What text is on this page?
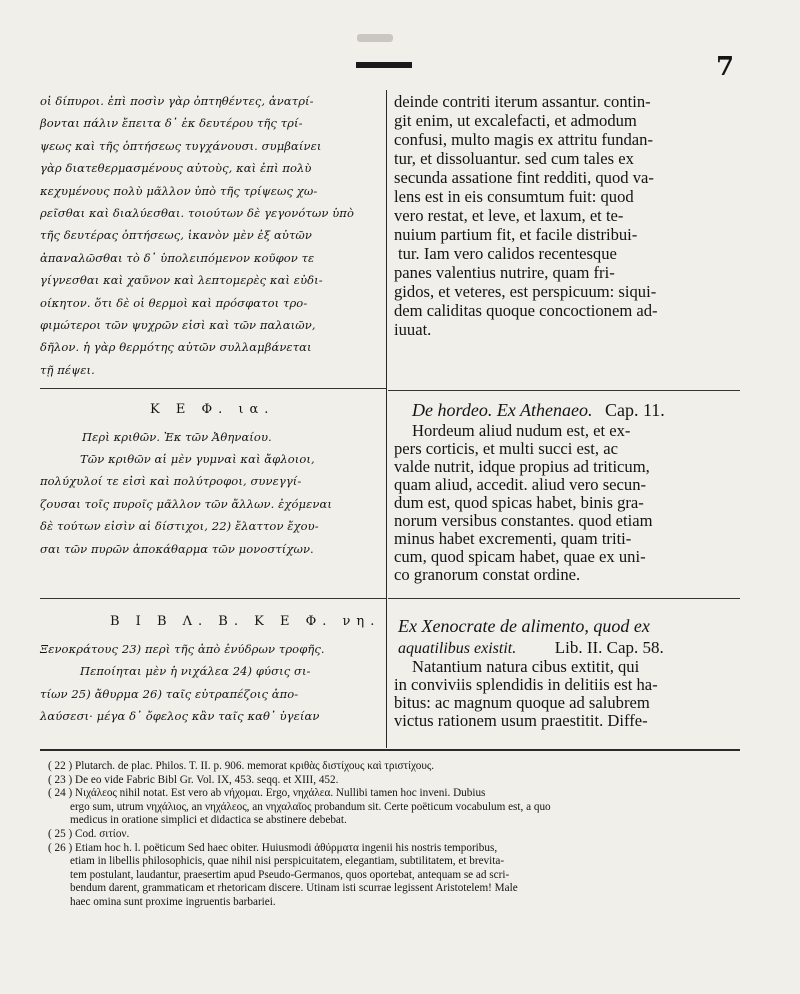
7
οἱ δίπυροι. ἐπὶ ποσὶν γὰρ ὀπτηθέντες, ἀνατρί-
βονται πάλιν ἔπειτα δ᾽ ἐκ δευτέρου τῆς τρί-
ψεως καὶ τῆς ὀπτήσεως τυγχάνουσι. συμβαίνει
γὰρ διατεθερμασμένους αὐτοὺς, καὶ ἐπὶ πολὺ
κεχυμένους πολὺ μᾶλλον ὑπὸ τῆς τρίψεως χω-
ρεῖσθαι καὶ διαλύεσθαι. τοιούτων δὲ γεγονότων ὑπὸ
τῆς δευτέρας ὀπτήσεως, ἱκανὸν μὲν ἐξ αὐτῶν
ἀπαναλῶσθαι τὸ δ᾽ ὑπολειπόμενον κοῦφον τε
γίγνεσθαι καὶ χαῦνον καὶ λεπτομερὲς καὶ εὐδι-
οίκητον. ὅτι δὲ οἱ θερμοὶ καὶ πρόσφατοι τρο-
φιμώτεροι τῶν ψυχρῶν εἰσὶ καὶ τῶν παλαιῶν,
δῆλον. ἡ γὰρ θερμότης αὐτῶν συλλαμβάνεται
τῇ πέψει.
Κ Ε Φ. ια.
Περὶ κριθῶν. Ἐκ τῶν Ἀθηναίου.
Τῶν κριθῶν αἱ μὲν γυμναὶ καὶ ἄφλοιοι,
πολύχυλοί τε εἰσὶ καὶ πολύτροφοι, συνεγγί-
ζουσαι τοῖς πυροῖς μᾶλλον τῶν ἄλλων. ἐχόμεναι
δὲ τούτων εἰσὶν αἱ δίστιχοι, 22) ἔλαττον ἔχου-
σαι τῶν πυρῶν ἀποκάθαρμα τῶν μονοστίχων.
Β Ι Β Λ. Β. Κ Ε Φ. νη.
Ξενοκράτους 23) περὶ τῆς ἀπὸ ἐνύδρων τροφῆς.
Πεποίηται μὲν ἡ νιχάλεα 24) φύσις σι-
τίων 25) ἄθυρμα 26) ταῖς εὐτραπέζοις ἀπο-
λαύσεσι· μέγα δ᾽ ὄφελος κἂν ταῖς καθ᾽ ὑγείαν
deinde contriti iterum assantur. contin-
git enim, ut excalefacti, et admodum
confusi, multo magis ex attritu fundan-
tur, et dissoluantur. sed cum tales ex
secunda assatione fint redditi, quod va-
lens est in eis consumtum fuit: quod
vero restat, et leve, et laxum, et te-
nuium partium fit, et facile distribui-
tur. Iam vero calidos recentesque
panes valentius nutrire, quam fri-
gidos, et veteres, est perspicuum: siqui-
dem caliditas quoque concoctionem ad-
iuuat.
De hordeo. Ex Athenaeo. Cap. 11.
Hordeum aliud nudum est, et ex-
pers corticis, et multi succi est, ac
valde nutrit, idque propius ad triticum,
quam aliud, accedit. aliud vero secun-
dum est, quod spicas habet, binis gra-
norum versibus constantes. quod etiam
minus habet excrementi, quam triti-
cum, quod spicam habet, quae ex uni-
co granorum constat ordine.
Ex Xenocrate de alimento, quod ex
aquatilibus existit. Lib. II. Cap. 58.
Natantium natura cibus extitit, qui
in conviviis splendidis in delitiis est ha-
bitus: ac magnum quoque ad salubrem
victus rationem usum praestitit. Diffe-
( 22 ) Plutarch. de plac. Philos. T. II. p. 906. memorat κριθὰς διστίχους καὶ τριστίχους.
( 23 ) De eo vide Fabric Bibl Gr. Vol. IX, 453. seqq. et XIII, 452.
( 24 ) Νιχάλεος nihil notat. Est vero ab νήχομαι. Ergo, νηχάλεα. Nullibi tamen hoc inveni. Dubius
ergo sum, utrum νηχάλιος, an νηχάλεος, an νηχαλαῖος probandum sit. Certe poëticum vocabulum est, a quo
medicus in oratione simplici et didactica se abstinere debebat.
( 25 ) Cod. σιτίον.
( 26 ) Etiam hoc h. l. poëticum Sed haec obiter. Huiusmodi ἀθύρματα ingenii his nostris temporibus,
etiam in libellis philosophicis, quae nihil nisi perspicuitatem, elegantiam, subtilitatem, et brevita-
tem postulant, laudantur, praesertim apud Pseudo-Germanos, quos oportebat, antequam se ad scri-
bendum darent, grammaticam et rhetoricam discere. Utinam isti scurrae legissent Aristotelem! Male
haec omina sunt proxime ingruentis barbariei.
